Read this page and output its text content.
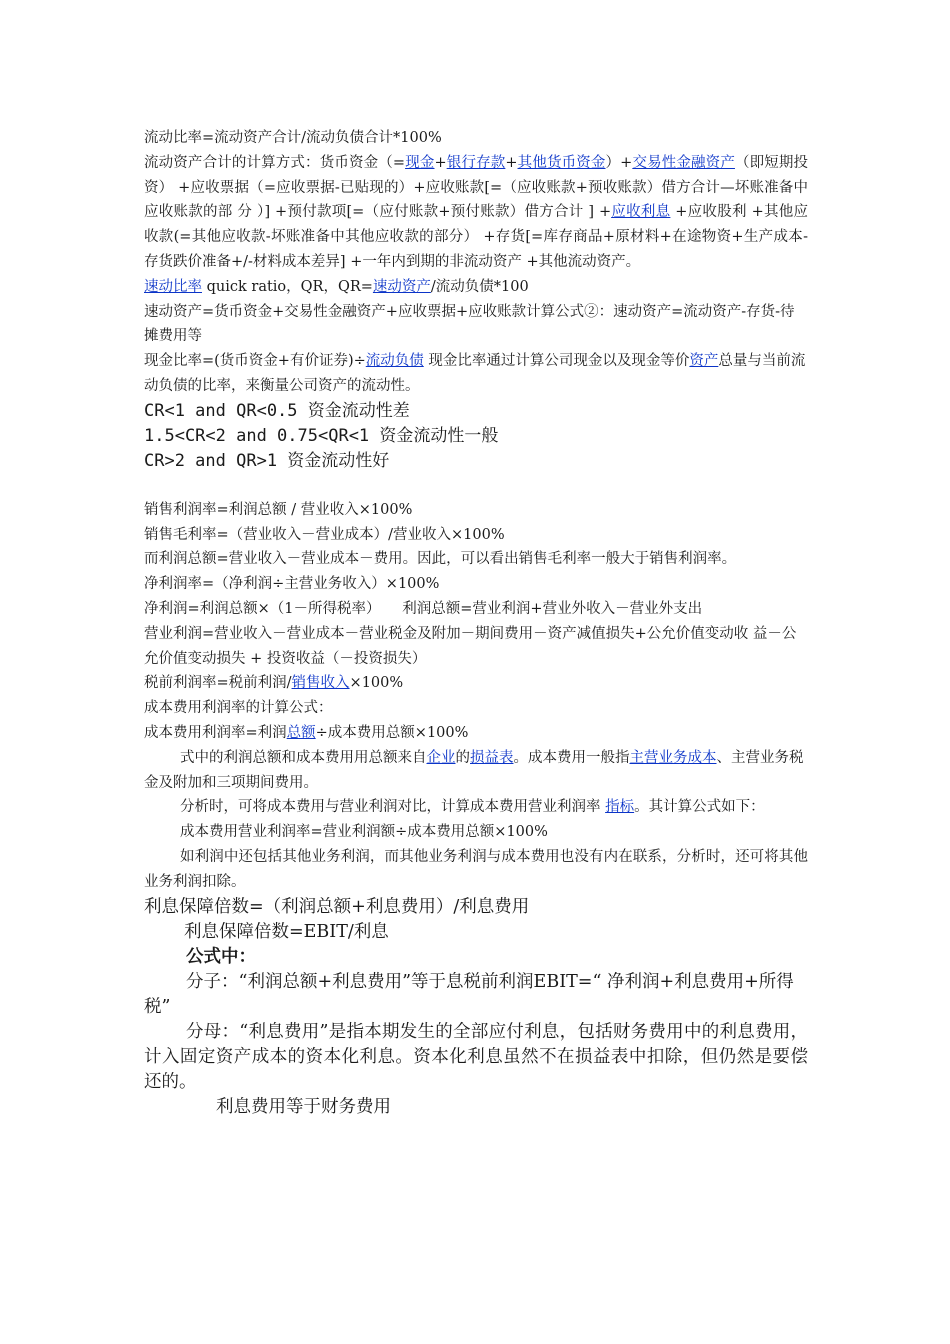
流动比率=流动资产合计/流动负债合计*100%

流动资产合计的计算方式：货币资金（=现金+银行存款+其他货币资金）+交易性金融资产（即短期投资） +应收票据（=应收票据-已贴现的）+应收账款[=（应收账款+预收账款）借方合计—坏账准备中应收账款的部 分 ）] +预付款项[=（应付账款+预付账款）借方合计 ] +应收利息 +应收股利 +其他应收款(=其他应收款-坏账准备中其他应收款的部分） +存货[=库存商品+原材料+在途物资+生产成本-存货跌价准备+/-材料成本差异] +一年内到期的非流动资产 +其他流动资产。

速动比率 quick ratio，QR，QR=速动资产/流动负债*100

速动资产=货币资金+交易性金融资产+应收票据+应收账款计算公式②：速动资产=流动资产-存货-待摊费用等

现金比率=(货币资金+有价证券)÷流动负债 现金比率通过计算公司现金以及现金等价资产总量与当前流动负债的比率，来衡量公司资产的流动性。

CR<1 and QR<0.5 资金流动性差

1.5<CR<2 and 0.75<QR<1 资金流动性一般

CR>2 and QR>1 资金流动性好

销售利润率=利润总额 / 营业收入×100%

销售毛利率=（营业收入－营业成本）/营业收入×100%

而利润总额=营业收入－营业成本－费用。因此，可以看出销售毛利率一般大于销售利润率。

净利润率=（净利润÷主营业务收入）×100%

净利润=利润总额×（1－所得税率）　　利润总额=营业利润+营业外收入－营业外支出

营业利润=营业收入－营业成本－营业税金及附加－期间费用－资产减值损失+公允价值变动收 益－公允价值变动损失 + 投资收益（－投资损失）

税前利润率=税前利润/销售收入×100%

成本费用利润率的计算公式：

成本费用利润率=利润总额÷成本费用总额×100%

式中的利润总额和成本费用用总额来自企业的损益表。成本费用一般指主营业务成本、主营业务税金及附加和三项期间费用。

分析时，可将成本费用与营业利润对比，计算成本费用营业利润率 指标。其计算公式如下：

成本费用营业利润率=营业利润额÷成本费用总额×100%

如利润中还包括其他业务利润，而其他业务利润与成本费用也没有内在联系，分析时，还可将其他业务利润扣除。

利息保障倍数=（利润总额+利息费用）/利息费用

利息保障倍数=EBIT/利息

公式中：

分子：“利润总额+利息费用”等于息税前利润EBIT=“ 净利润+利息费用+所得税”

分母：“利息费用”是指本期发生的全部应付利息，包括财务费用中的利息费用，计入固定资产成本的资本化利息。资本化利息虽然不在损益表中扣除，但仍然是要偿还的。

利息费用等于财务费用
